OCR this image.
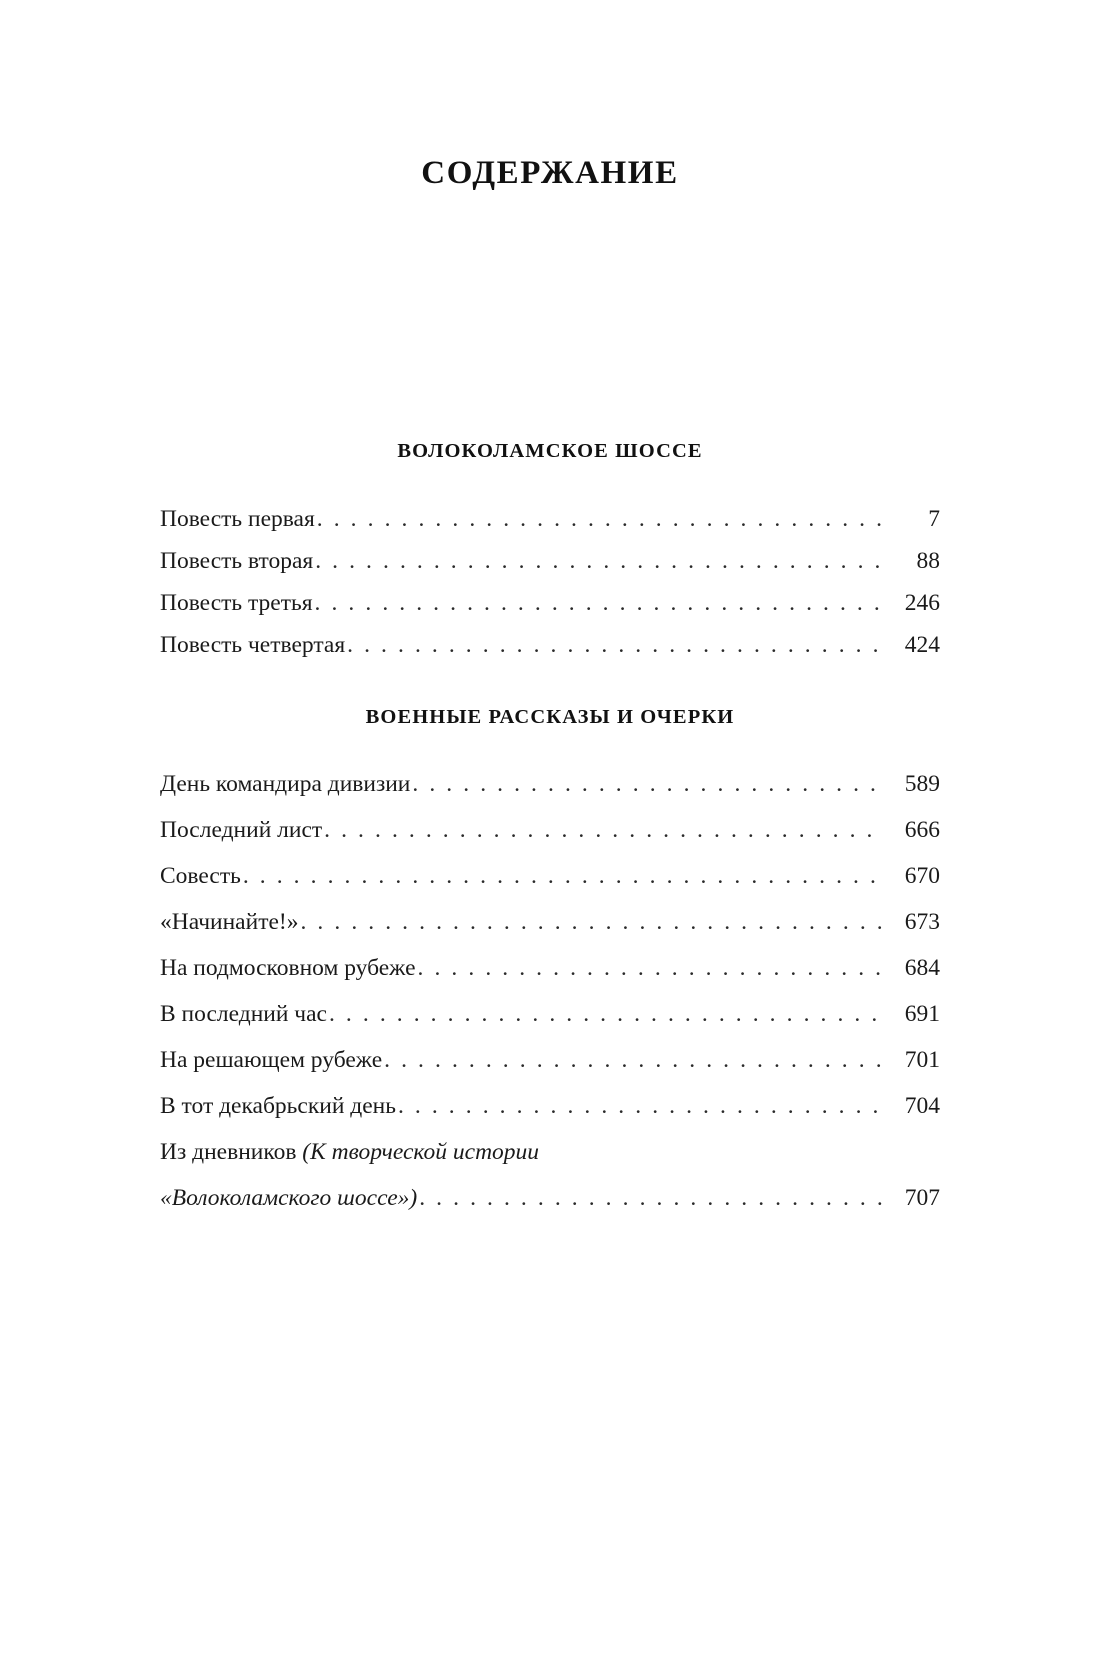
СОДЕРЖАНИЕ
ВОЛОКОЛАМСКОЕ ШОССЕ
Повесть первая . . .	7
Повесть вторая . . .	88
Повесть третья . . .	246
Повесть четвертая . . .	424
ВОЕННЫЕ РАССКАЗЫ И ОЧЕРКИ
День командира дивизии . . .	589
Последний лист . . .	666
Совесть . . .	670
«Начинайте!» . . .	673
На подмосковном рубеже . . .	684
В последний час . . .	691
На решающем рубеже . . .	701
В тот декабрьский день . . .	704
Из дневников (К творческой истории
«Волоколамского шоссе») . . .	707
